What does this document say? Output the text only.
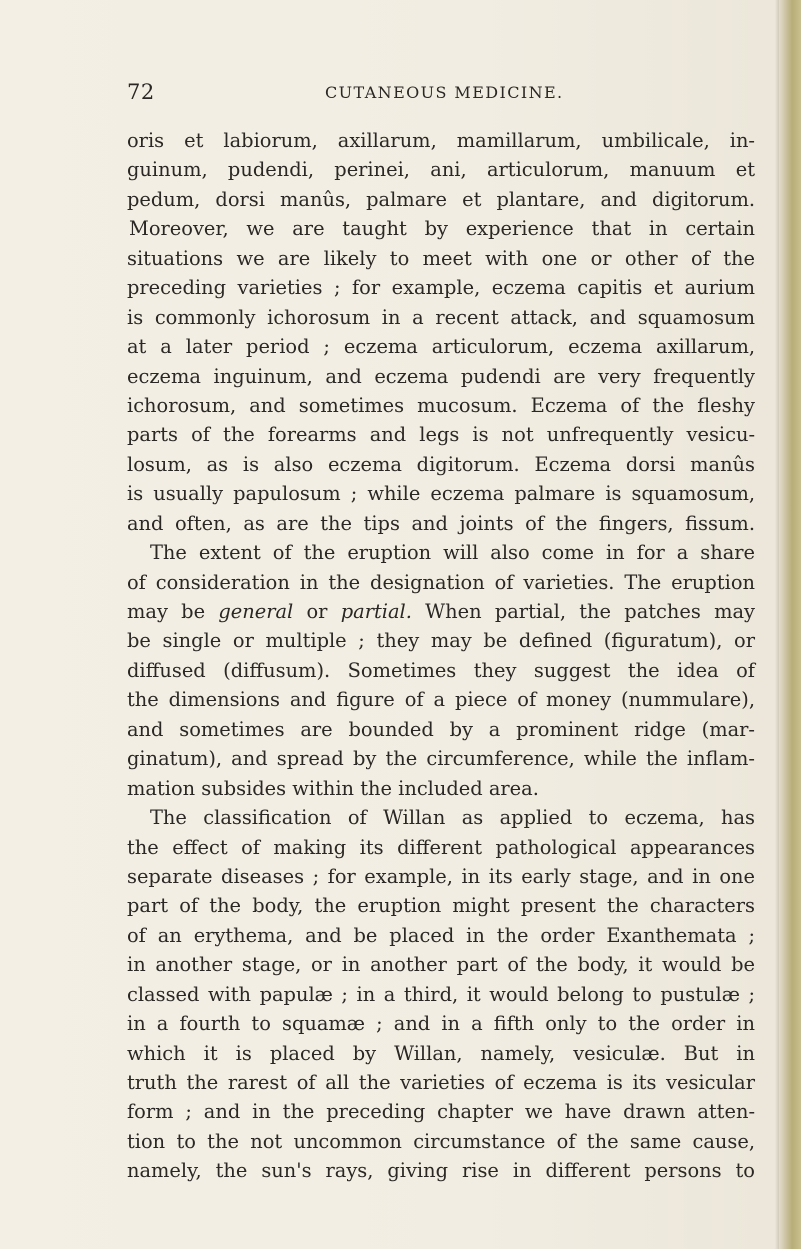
72	CUTANEOUS MEDICINE.
oris et labiorum, axillarum, mamillarum, umbilicale, in-
guinum, pudendi, perinei, ani, articulorum, manuum et
pedum, dorsi manûs, palmare et plantare, and digitorum.
Moreover, we are taught by experience that in certain
situations we are likely to meet with one or other of the
preceding varieties ; for example, eczema capitis et aurium
is commonly ichorosum in a recent attack, and squamosum
at a later period ; eczema articulorum, eczema axillarum,
eczema inguinum, and eczema pudendi are very frequently
ichorosum, and sometimes mucosum. Eczema of the fleshy
parts of the forearms and legs is not unfrequently vesicu-
losum, as is also eczema digitorum. Eczema dorsi manûs
is usually papulosum ; while eczema palmare is squamosum,
and often, as are the tips and joints of the fingers, fissum.
The extent of the eruption will also come in for a share
of consideration in the designation of varieties. The eruption
may be general or partial. When partial, the patches may
be single or multiple ; they may be defined (figuratum), or
diffused (diffusum). Sometimes they suggest the idea of
the dimensions and figure of a piece of money (nummulare),
and sometimes are bounded by a prominent ridge (mar-
ginatum), and spread by the circumference, while the inflam-
mation subsides within the included area.
The classification of Willan as applied to eczema, has
the effect of making its different pathological appearances
separate diseases ; for example, in its early stage, and in one
part of the body, the eruption might present the characters
of an erythema, and be placed in the order Exanthemata ;
in another stage, or in another part of the body, it would be
classed with papulæ ; in a third, it would belong to pustulæ ;
in a fourth to squamæ ; and in a fifth only to the order in
which it is placed by Willan, namely, vesiculæ. But in
truth the rarest of all the varieties of eczema is its vesicular
form ; and in the preceding chapter we have drawn atten-
tion to the not uncommon circumstance of the same cause,
namely, the sun's rays, giving rise in different persons to
